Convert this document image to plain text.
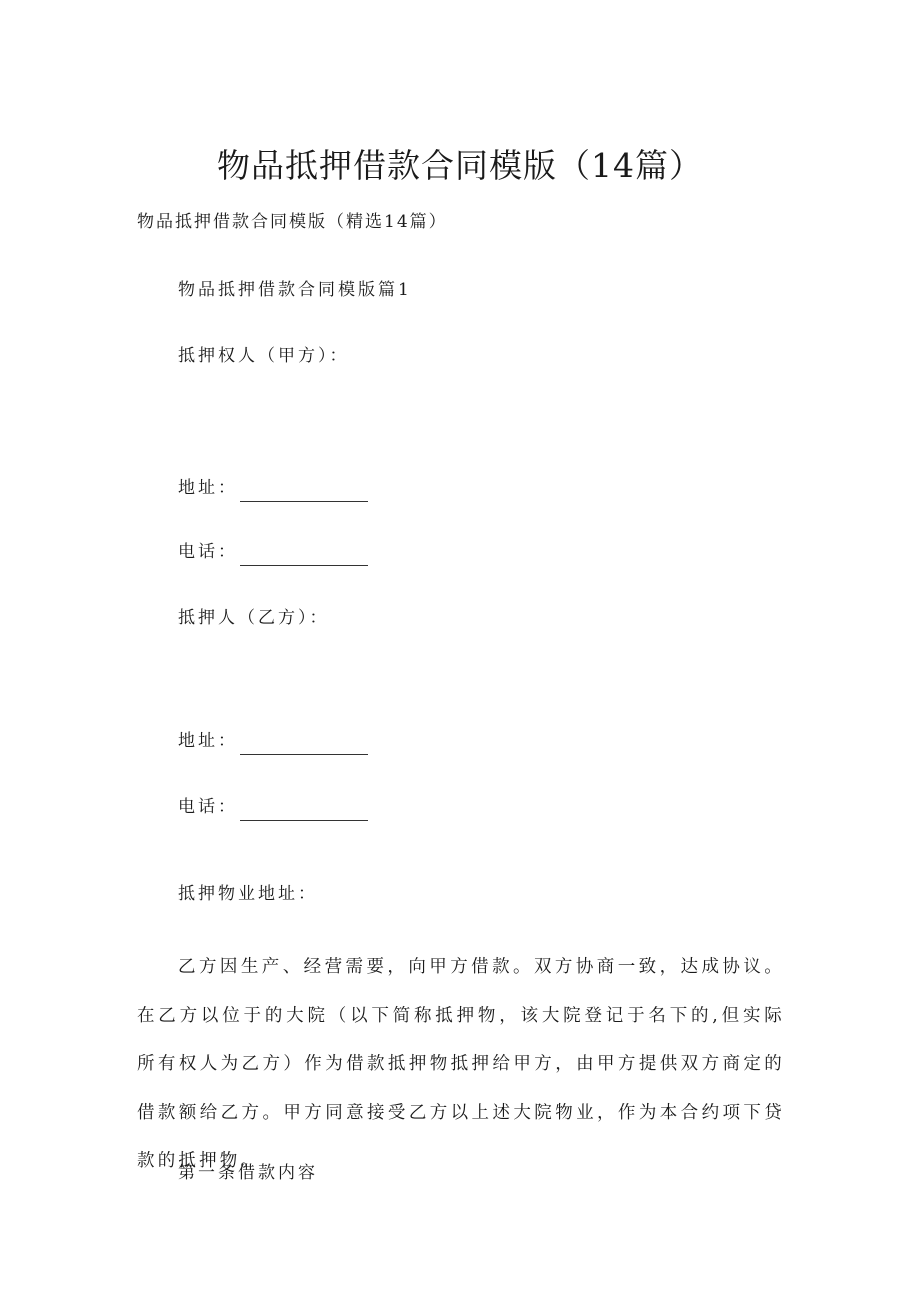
物品抵押借款合同模版（14篇）
物品抵押借款合同模版（精选14篇）
物品抵押借款合同模版篇1
抵押权人（甲方）：
地址：
电话：
抵押人（乙方）：
地址：
电话：
抵押物业地址：
乙方因生产、经营需要，向甲方借款。双方协商一致，达成协议。在乙方以位于的大院（以下简称抵押物，该大院登记于名下的,但实际所有权人为乙方）作为借款抵押物抵押给甲方，由甲方提供双方商定的借款额给乙方。甲方同意接受乙方以上述大院物业，作为本合约项下贷款的抵押物。
第一条借款内容
